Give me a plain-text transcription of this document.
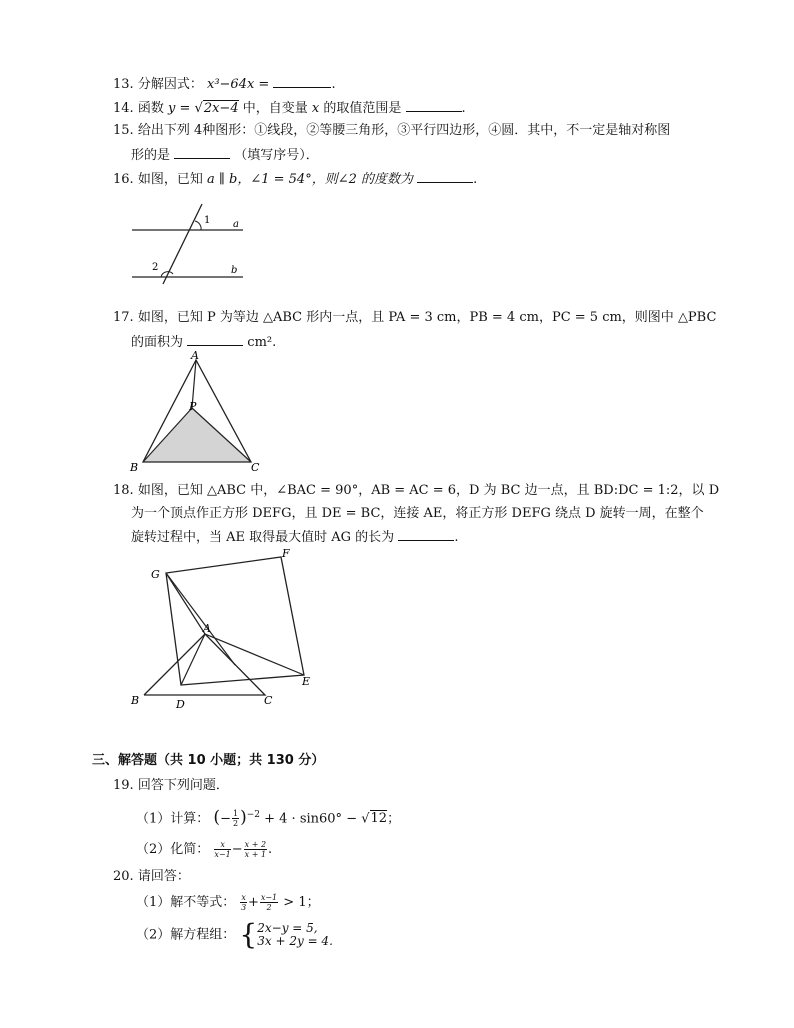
13. 分解因式： x³−64x =	.
14. 函数 y = √2x−4 中，自变量 x 的取值范围是	.
15. 给出下列 4种图形：①线段，②等腰三角形，③平行四边形，④圆．其中，不一定是轴对称图
形的是	（填写序号）．
16. 如图，已知 a ∥ b，∠1 = 54°，则∠2 的度数为	.
1
2
a
b
17. 如图，已知 P 为等边 △ABC 形内一点，且 PA = 3 cm，PB = 4 cm，PC = 5 cm，则图中 △PBC
的面积为	cm².
A
P
B	C
18. 如图，已知 △ABC 中，∠BAC = 90°，AB = AC = 6，D 为 BC 边一点，且 BD:DC = 1:2，以 D
为一个顶点作正方形 DEFG，且 DE = BC，连接 AE，将正方形 DEFG 绕点 D 旋转一周，在整个
旋转过程中，当 AE 取得最大值时 AG 的长为	.
G
F
A
E
B	D	C
三、解答题（共 10 小题；共 130 分）
19. 回答下列问题．
（1）计算： (− $\frac{1}{2} )^{-2} + 4 \cdot \sin 60^\circ - √12$；
（2）化简： $\frac{x}{x-1} - \frac{x + 2}{x + 1}$ .
20. 请回答：
（1）解不等式： $\frac{x}{3} + \frac{x-1}{2} > 1$；
（2）解方程组： { 2x−y = 5,
3x + 2y = 4.
